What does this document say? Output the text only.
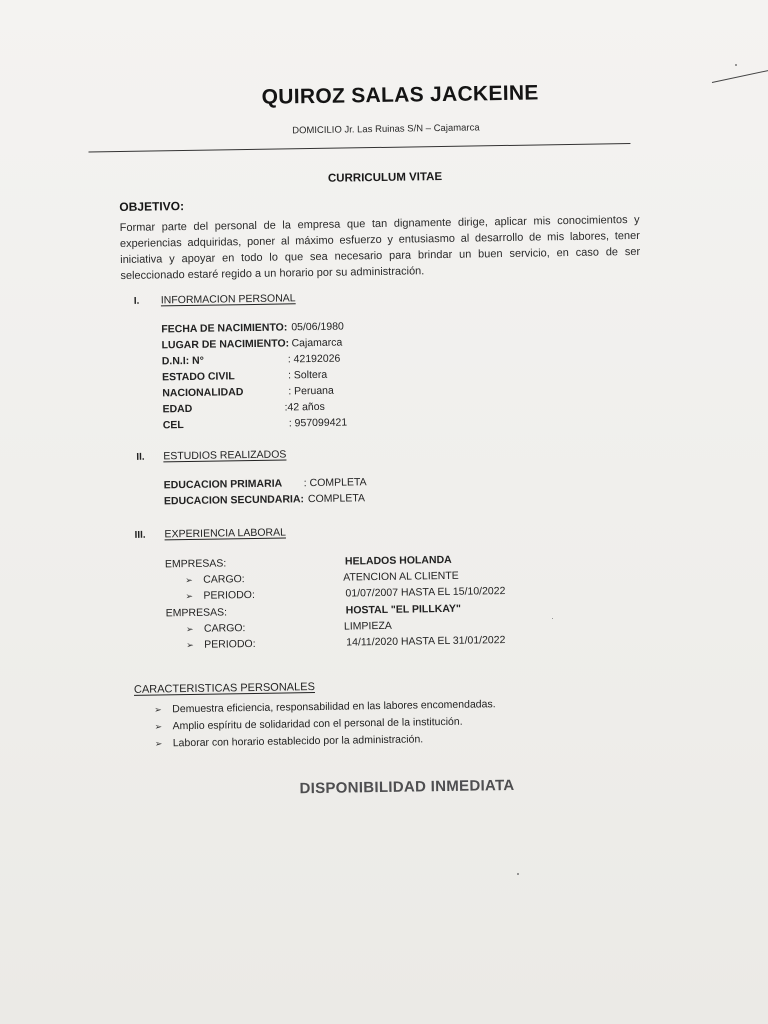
QUIROZ SALAS JACKEINE
DOMICILIO Jr. Las Ruinas S/N – Cajamarca
CURRICULUM VITAE
OBJETIVO:

Formar parte del personal de la empresa que tan dignamente dirige, aplicar mis conocimientos y experiencias adquiridas, poner al máximo esfuerzo y entusiasmo al desarrollo de mis labores, tener iniciativa y apoyar en todo lo que sea necesario para brindar un buen servicio, en caso de ser seleccionado estaré regido a un horario por su administración.

I. INFORMACION PERSONAL
FECHA DE NACIMIENTO: 05/06/1980
LUGAR DE NACIMIENTO: Cajamarca
D.N.I: N°	: 42192026
ESTADO CIVIL	: Soltera
NACIONALIDAD	: Peruana
EDAD	:42 años
CEL	: 957099421
II. ESTUDIOS REALIZADOS
EDUCACION PRIMARIA : COMPLETA
EDUCACION SECUNDARIA: COMPLETA
III. EXPERIENCIA LABORAL
EMPRESAS:	HELADOS HOLANDA
➢ CARGO:	ATENCION AL CLIENTE
➢ PERIODO:	01/07/2007 HASTA EL 15/10/2022
EMPRESAS:	HOSTAL "EL PILLKAY"
➢ CARGO:	LIMPIEZA
➢ PERIODO:	14/11/2020 HASTA EL 31/01/2022
CARACTERISTICAS PERSONALES
➢ Demuestra eficiencia, responsabilidad en las labores encomendadas.
➢ Amplio espíritu de solidaridad con el personal de la institución.
➢ Laborar con horario establecido por la administración.
DISPONIBILIDAD INMEDIATA
